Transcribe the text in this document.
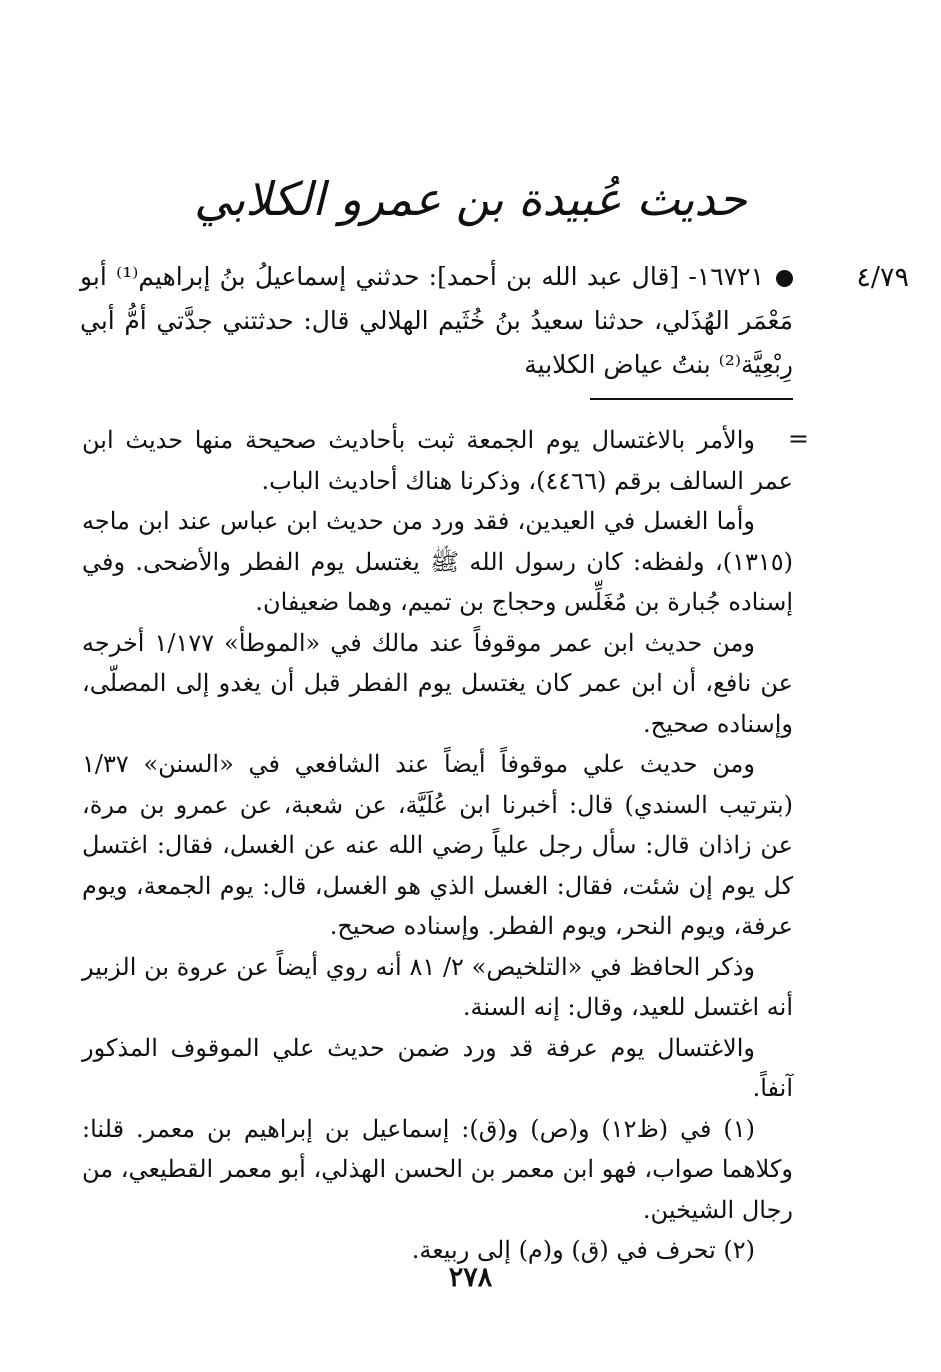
حديث عُبيدة بن عمرو الكلابي
٤/٧٩
١٦٧٢١- [قال عبد الله بن أحمد]: حدثني إسماعيلُ بنُ إبراهيم⁽¹⁾ أبو مَعْمَر الهُذَلي، حدثنا سعيدُ بنُ خُثَيم الهلالي قال: حدثتني جدَّتي أمُّ أبي رِبْعِيَّة⁽²⁾ بنتُ عياض الكلابية
=

والأمر بالاغتسال يوم الجمعة ثبت بأحاديث صحيحة منها حديث ابن عمر السالف برقم (٤٤٦٦)، وذكرنا هناك أحاديث الباب.

وأما الغسل في العيدين، فقد ورد من حديث ابن عباس عند ابن ماجه (١٣١٥)، ولفظه: كان رسول الله ﷺ يغتسل يوم الفطر والأضحى. وفي إسناده جُبارة بن مُغَلِّس وحجاج بن تميم، وهما ضعيفان.

ومن حديث ابن عمر موقوفاً عند مالك في «الموطأ» ١/١٧٧ أخرجه عن نافع، أن ابن عمر كان يغتسل يوم الفطر قبل أن يغدو إلى المصلّى، وإسناده صحيح.

ومن حديث علي موقوفاً أيضاً عند الشافعي في «السنن» ١/٣٧ (بترتيب السندي) قال: أخبرنا ابن عُلَيَّة، عن شعبة، عن عمرو بن مرة، عن زاذان قال: سأل رجل علياً رضي الله عنه عن الغسل، فقال: اغتسل كل يوم إن شئت، فقال: الغسل الذي هو الغسل، قال: يوم الجمعة، ويوم عرفة، ويوم النحر، ويوم الفطر. وإسناده صحيح.

وذكر الحافظ في «التلخيص» ٢/ ٨١ أنه روي أيضاً عن عروة بن الزبير أنه اغتسل للعيد، وقال: إنه السنة.

والاغتسال يوم عرفة قد ورد ضمن حديث علي الموقوف المذكور آنفاً.

(١) في (ظ١٢) و(ص) و(ق): إسماعيل بن إبراهيم بن معمر. قلنا: وكلاهما صواب، فهو ابن معمر بن الحسن الهذلي، أبو معمر القطيعي، من رجال الشيخين.

(٢) تحرف في (ق) و(م) إلى ربيعة.

٢٧٨
